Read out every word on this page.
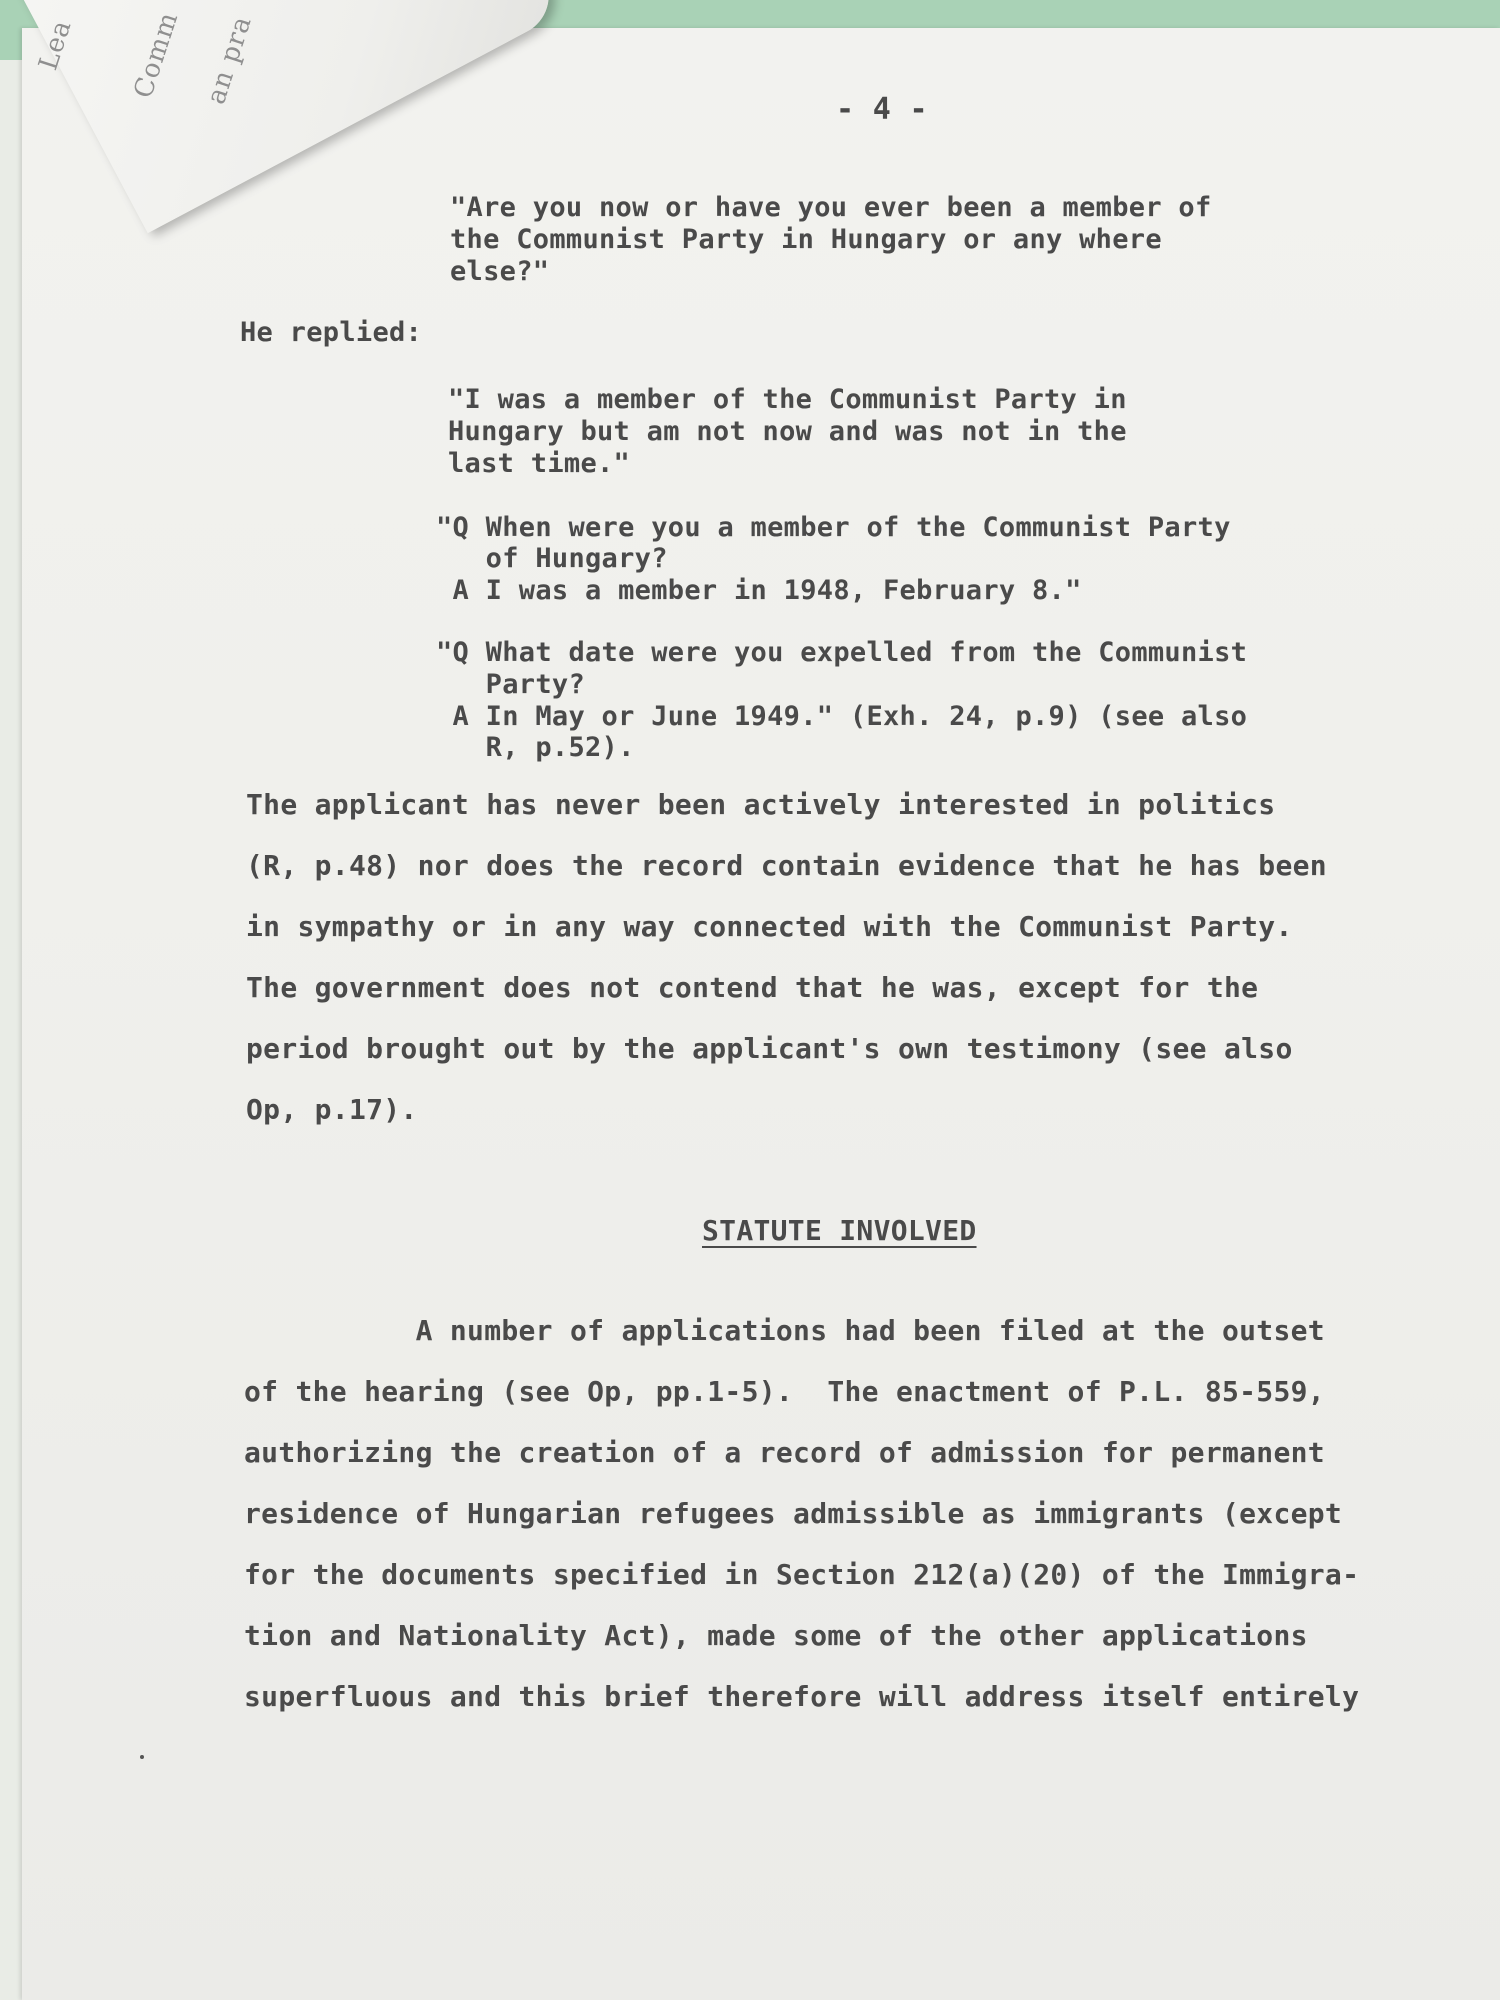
Lea Comm an pra
- 4 -
"Are you now or have you ever been a member of
the Communist Party in Hungary or any where
else?"
He replied:
"I was a member of the Communist Party in
Hungary but am not now and was not in the
last time."
"Q When were you a member of the Communist Party
of Hungary?
A I was a member in 1948, February 8."
"Q What date were you expelled from the Communist
Party?
A In May or June 1949." (Exh. 24, p.9) (see also
R, p.52).
The applicant has never been actively interested in politics
(R, p.48) nor does the record contain evidence that he has been
in sympathy or in any way connected with the Communist Party.
The government does not contend that he was, except for the
period brought out by the applicant's own testimony (see also
Op, p.17).
STATUTE INVOLVED
A number of applications had been filed at the outset
of the hearing (see Op, pp.1-5).  The enactment of P.L. 85-559,
authorizing the creation of a record of admission for permanent
residence of Hungarian refugees admissible as immigrants (except
for the documents specified in Section 212(a)(20) of the Immigra-
tion and Nationality Act), made some of the other applications
superfluous and this brief therefore will address itself entirely
